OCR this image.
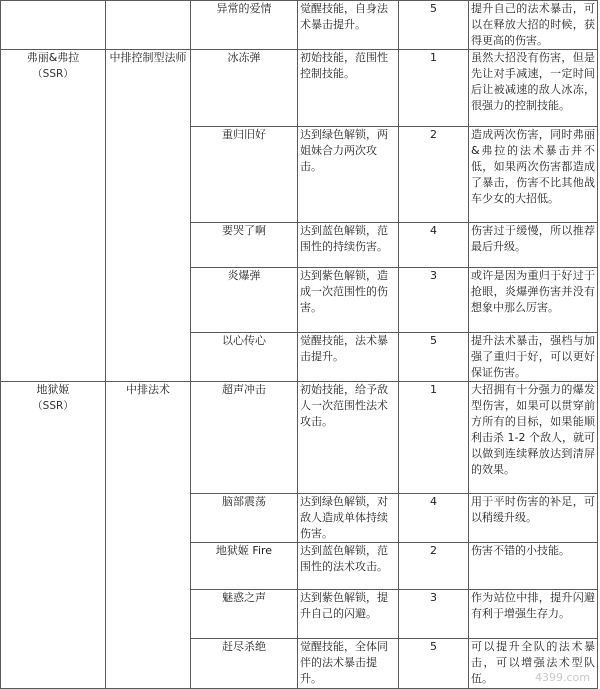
		异常的爱情	觉醒技能，自身法术暴击提升。	5	提升自己的法术暴击，可以在释放大招的时候，获得更高的伤害。
弗丽&弗拉
（SSR）	中排控制型法师	冰冻弹	初始技能，范围性控制技能。	1	虽然大招没有伤害，但是先让对手减速，一定时间后让被减速的敌人冰冻，很强力的控制技能。
		重归旧好	达到绿色解锁，两姐妹合力两次攻击。	2	造成两次伤害，同时弗丽&弗拉的法术暴击并不低，如果两次伤害都造成了暴击，伤害不比其他战车少女的大招低。
		要哭了啊	达到蓝色解锁，范围性的持续伤害。	4	伤害过于缓慢，所以推荐最后升级。
		炎爆弹	达到紫色解锁，造成一次范围性的伤害。	3	或许是因为重归于好过于抢眼，炎爆弹伤害并没有想象中那么厉害。
		以心传心	觉醒技能，法术暴击提升。	5	提升法术暴击，强档与加强了重归于好，可以更好保证伤害。
地狱姬
（SSR）	中排法术	超声冲击	初始技能，给予敌人一次范围性法术攻击。	1	大招拥有十分强力的爆发型伤害，如果可以贯穿前方所有的目标，如果能顺利击杀 1-2 个敌人，就可以做到连续释放达到清屏的效果。
		脑部震荡	达到绿色解锁，对敌人造成单体持续伤害。	4	用于平时伤害的补足，可以稍缓升级。
		地狱姬 Fire	达到蓝色解锁，范围性的法术攻击。	2	伤害不错的小技能。
		魅惑之声	达到紫色解锁，提升自己的闪避。	3	作为站位中排，提升闪避有利于增强生存力。
		赶尽杀绝	觉醒技能，全体同伴的法术暴击提升。	5	可以提升全队的法术暴击，可以增强法术型队伍。	4399.com
